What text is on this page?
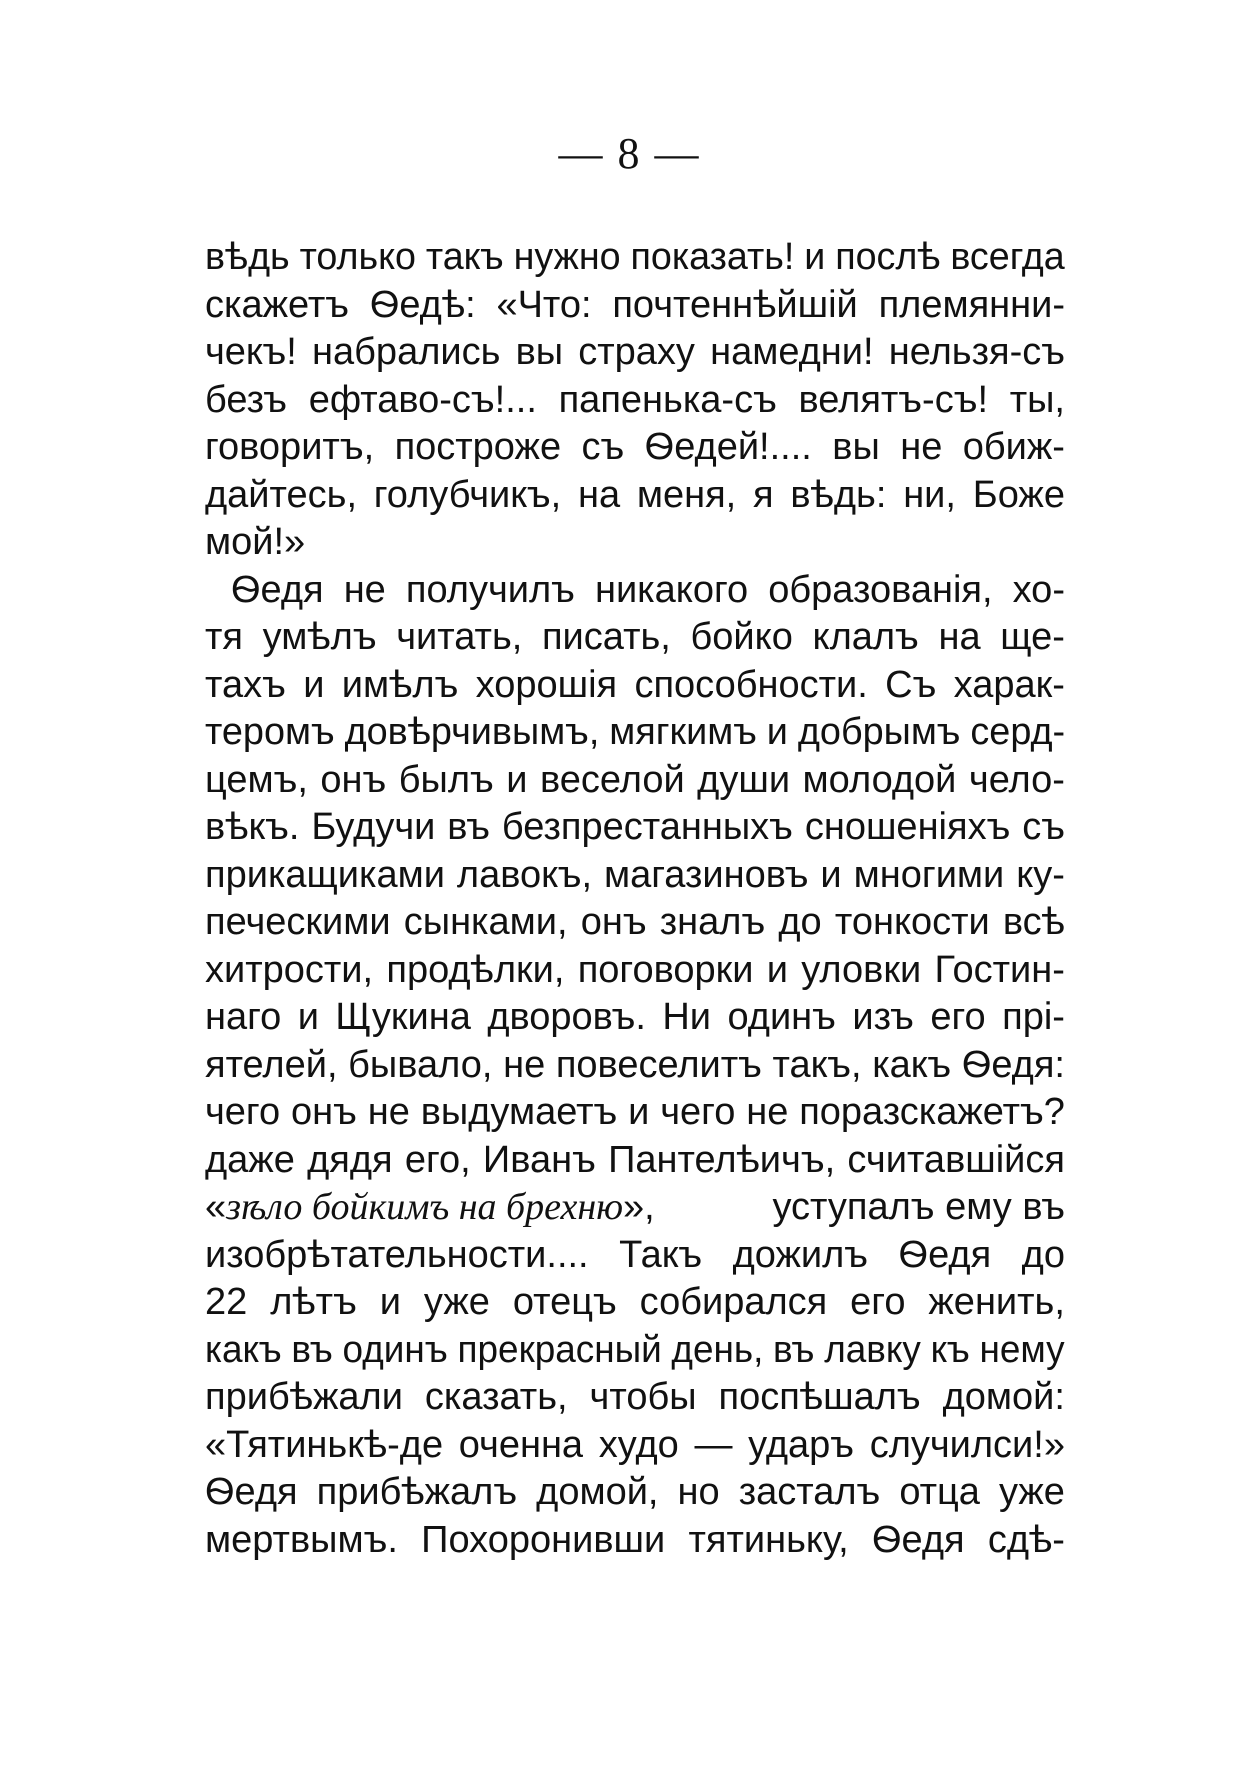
— 8 —
вѣдь только такъ нужно показать! и послѣ всегда
скажетъ Ѳедѣ: «Что: почтеннѣйшій племянни-
чекъ! набрались вы страху намедни! нельзя-съ
безъ ефтаво-съ!... папенька-съ велятъ-съ! ты,
говоритъ, построже съ Ѳедей!.... вы не обиж-
дайтесь, голубчикъ, на меня, я вѣдь: ни, Боже
мой!»
Ѳедя не получилъ никакого образованія, хо-
тя умѣлъ читать, писать, бойко клалъ на ще-
тахъ и имѣлъ хорошія способности. Съ харак-
теромъ довѣрчивымъ, мягкимъ и добрымъ серд-
цемъ, онъ былъ и веселой души молодой чело-
вѣкъ. Будучи въ безпрестанныхъ сношеніяхъ съ
прикащиками лавокъ, магазиновъ и многими ку-
печескими сынками, онъ зналъ до тонкости всѣ
хитрости, продѣлки, поговорки и уловки Гостин-
наго и Щукина дворовъ. Ни одинъ изъ его прі-
ятелей, бывало, не повеселитъ такъ, какъ Ѳедя:
чего онъ не выдумаетъ и чего не поразскажетъ?
даже дядя его, Иванъ Пантелѣичъ, считавшійся
«зѣло бойкимъ на брехню»,	уступалъ ему въ
изобрѣтательности.... Такъ дожилъ Ѳедя до
22 лѣтъ и уже отецъ собирался его женить,
какъ въ одинъ прекрасный день, въ лавку къ нему
прибѣжали сказать, чтобы поспѣшалъ домой:
«Тятинькѣ-де оченна худо — ударъ случилси!»
Ѳедя прибѣжалъ домой, но засталъ отца уже
мертвымъ. Похоронивши тятиньку, Ѳедя сдѣ-
